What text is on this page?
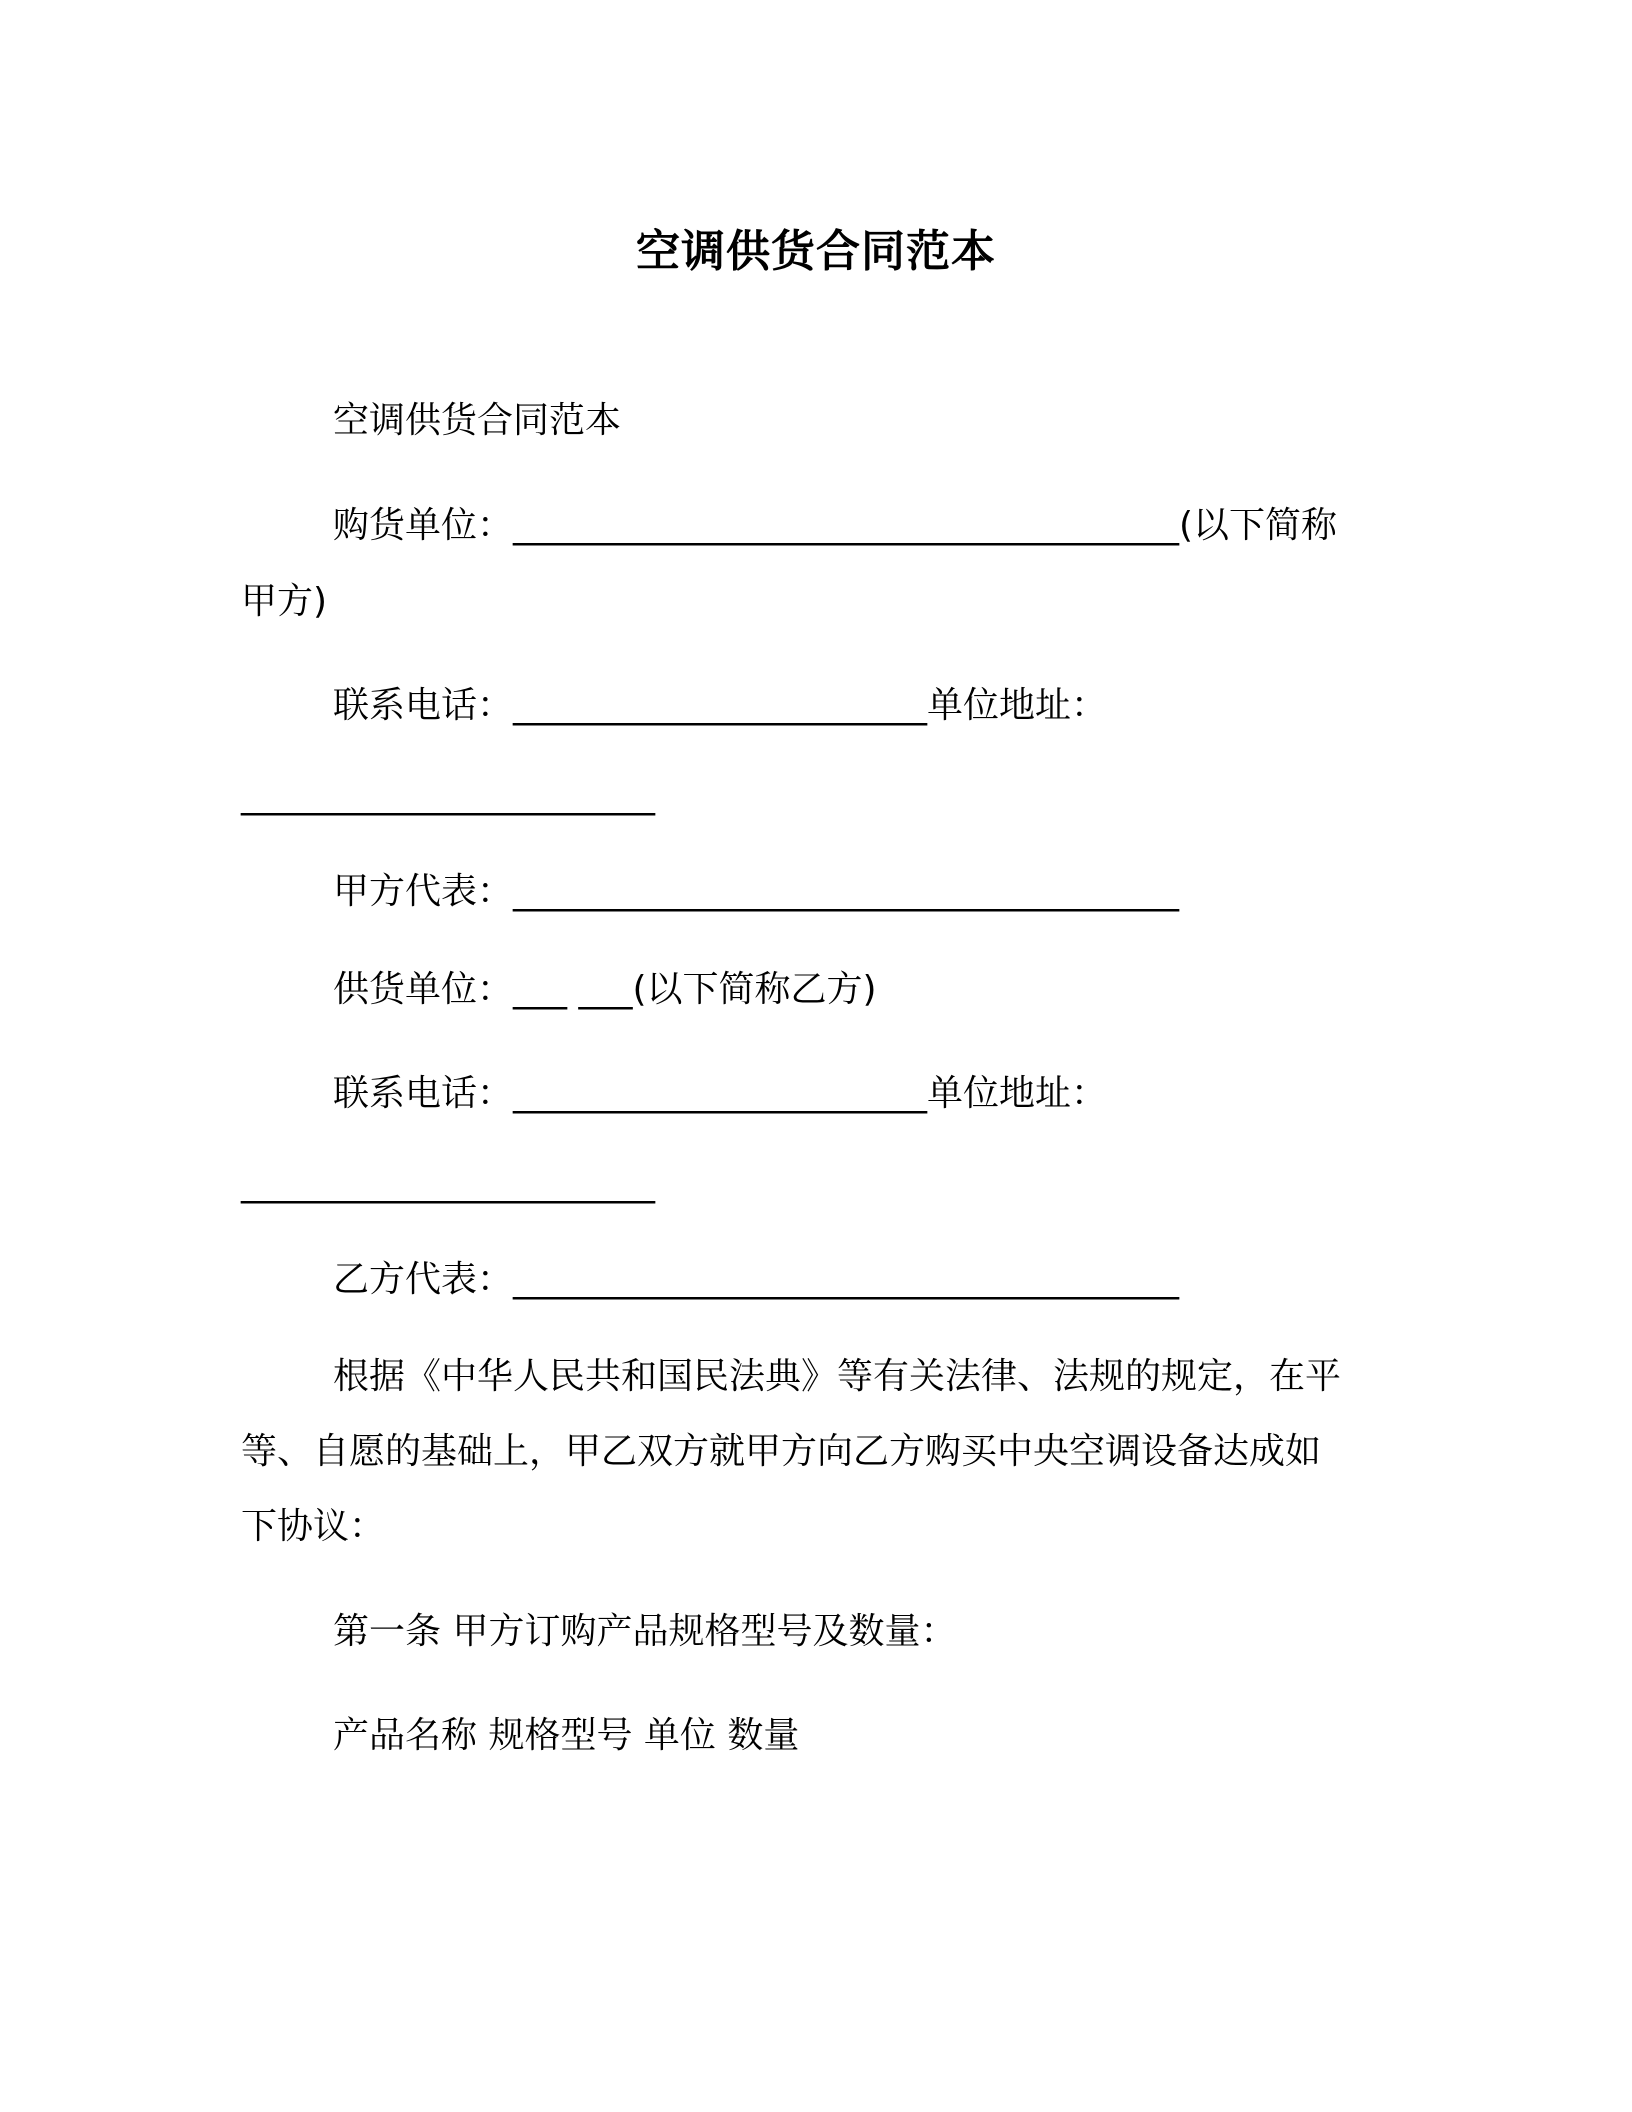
空调供货合同范本
空调供货合同范本
购货单位：_____________________________________(以下简称
甲方)
联系电话：_______________________单位地址：
_______________________
甲方代表：_____________________________________
供货单位：___ ___(以下简称乙方)
联系电话：_______________________单位地址：
_______________________
乙方代表：_____________________________________
根据《中华人民共和国民法典》等有关法律、法规的规定，在平
等、自愿的基础上，甲乙双方就甲方向乙方购买中央空调设备达成如
下协议：
第一条 甲方订购产品规格型号及数量：
产品名称 规格型号 单位 数量
